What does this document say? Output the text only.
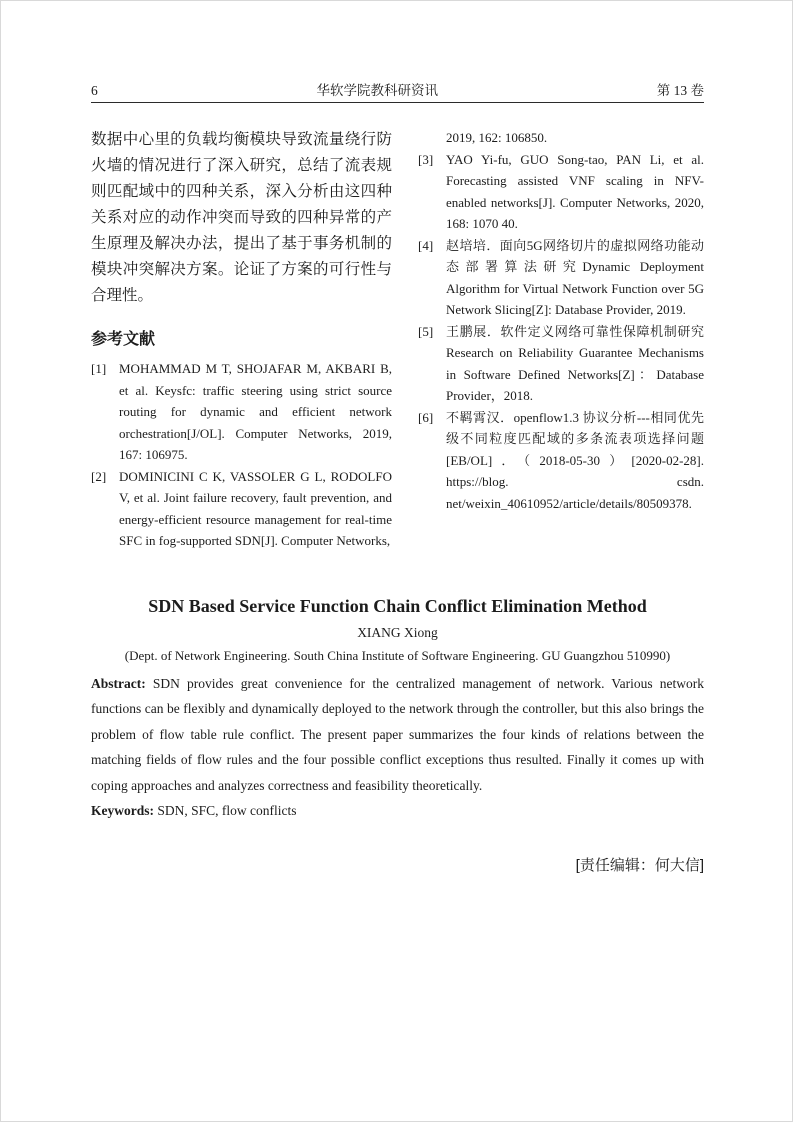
6	华软学院教科研资讯	第 13 卷

数据中心里的负载均衡模块导致流量绕行防火墙的情况进行了深入研究，总结了流表规则匹配域中的四种关系，深入分析由这四种关系对应的动作冲突而导致的四种异常的产生原理及解决办法，提出了基于事务机制的模块冲突解决方案。论证了方案的可行性与合理性。

参考文献
[1] MOHAMMAD M T, SHOJAFAR M, AKBARI B, et al. Keysfc: traffic steering using strict source routing for dynamic and efficient network orchestration[J/OL]. Computer Networks, 2019, 167: 106975.
[2] DOMINICINI C K, VASSOLER G L, RODOLFO V, et al. Joint failure recovery, fault prevention, and energy-efficient resource management for real-time SFC in fog-supported SDN[J]. Computer Networks,
2019, 162: 106850.
[3] YAO Yi-fu, GUO Song-tao, PAN Li, et al. Forecasting assisted VNF scaling in NFV-enabled networks[J]. Computer Networks, 2020, 168: 1070 40.
[4] 赵培培．面向5G网络切片的虚拟网络功能动态部署算法研究Dynamic Deployment Algorithm for Virtual Network Function over 5G Network Slicing[Z]: Database Provider, 2019.
[5] 王鹏展．软件定义网络可靠性保障机制研究 Research on Reliability Guarantee Mechanisms in Software Defined Networks[Z]：Database Provider，2018.
[6] 不羁霄汉．openflow1.3 协议分析---相同优先级不同粒度匹配域的多条流表项选择问题[EB/OL]．（2018-05-30）[2020-02-28]. https://blog. csdn. net/weixin_40610952/article/details/80509378.
SDN Based Service Function Chain Conflict Elimination Method
XIANG Xiong
(Dept. of Network Engineering. South China Institute of Software Engineering. GU Guangzhou 510990)

Abstract: SDN provides great convenience for the centralized management of network. Various network functions can be flexibly and dynamically deployed to the network through the controller, but this also brings the problem of flow table rule conflict. The present paper summarizes the four kinds of relations between the matching fields of flow rules and the four possible conflict exceptions thus resulted. Finally it comes up with coping approaches and analyzes correctness and feasibility theoretically.

Keywords: SDN, SFC, flow conflicts

[责任编辑：何大信]
